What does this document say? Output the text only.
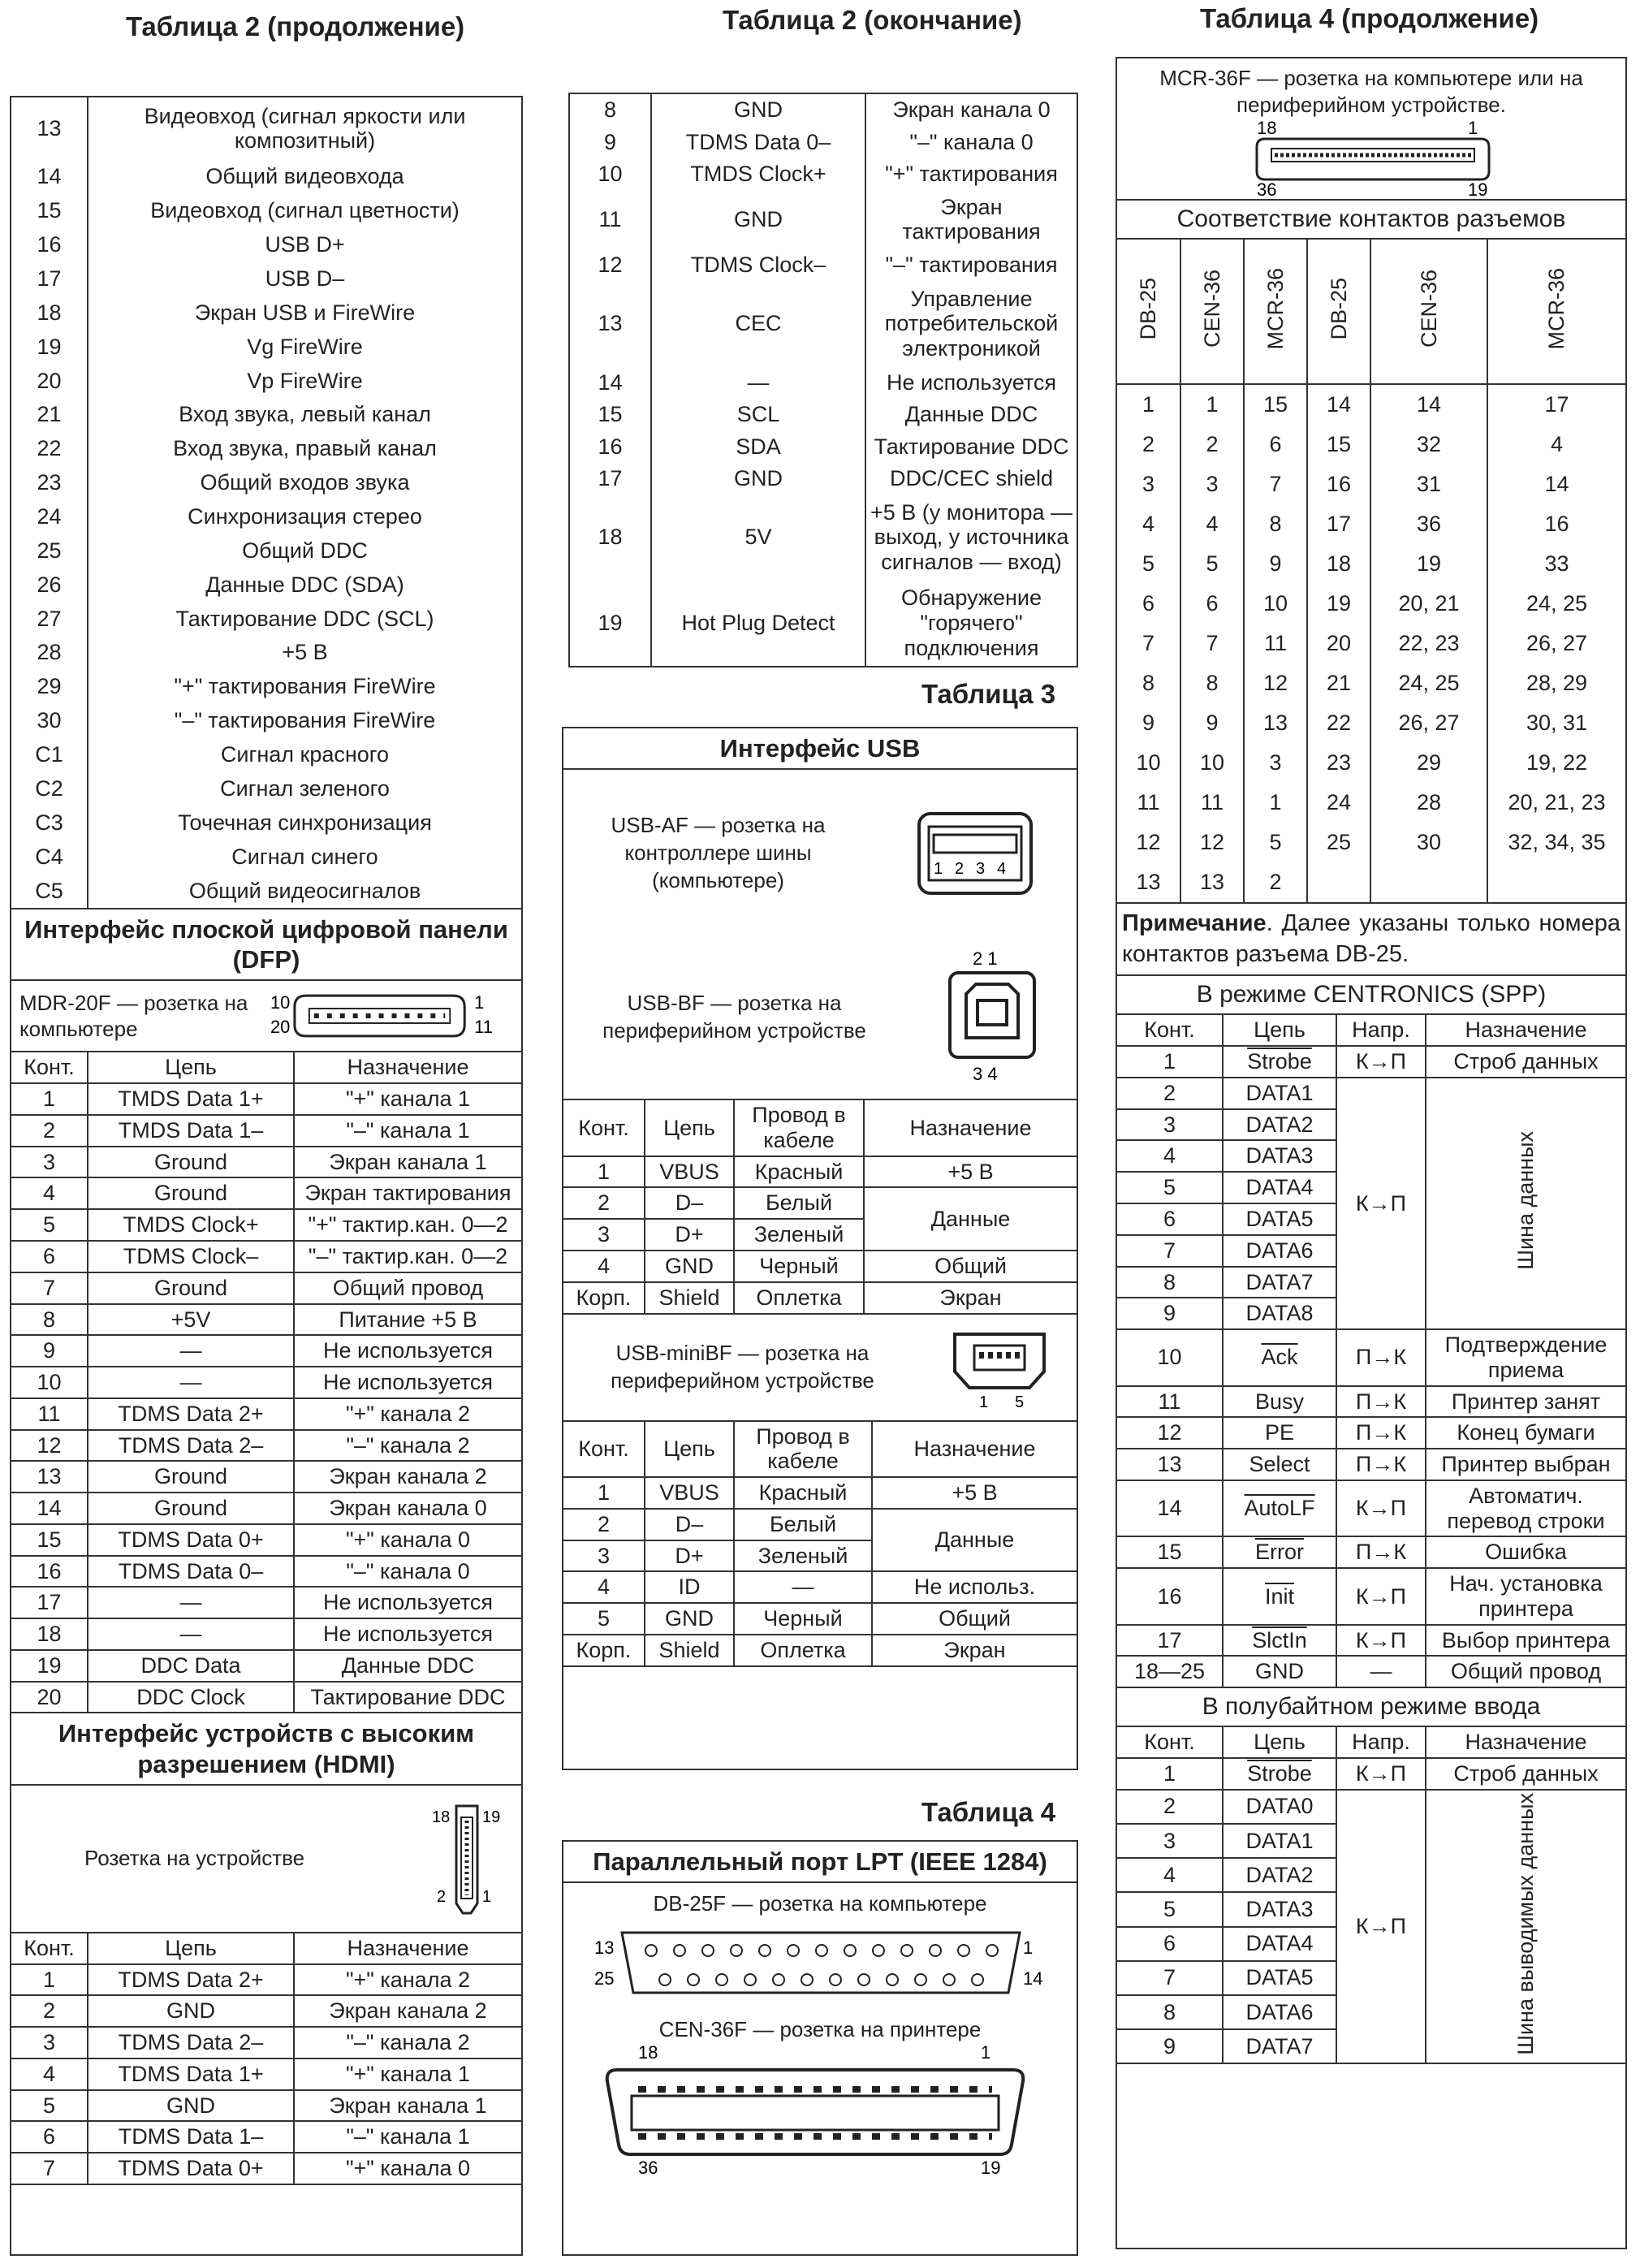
Таблица 2 (продолжение)	Таблица 2 (окончание)	Таблица 4 (продолжение)
Таблица 3
Таблица 4
13	Видеовход (сигнал яркости или композитный)
14	Общий видеовхода
15	Видеовход (сигнал цветности)
16	USB D+
17	USB D–
18	Экран USB и FireWire
19	Vg FireWire
20	Vp FireWire
21	Вход звука, левый канал
22	Вход звука, правый канал
23	Общий входов звука
24	Синхронизация стерео
25	Общий DDC
26	Данные DDC (SDA)
27	Тактирование DDC (SCL)
28	+5 В
29	"+" тактирования FireWire
30	"–" тактирования FireWire
C1	Сигнал красного
C2	Сигнал зеленого
C3	Точечная синхронизация
C4	Сигнал синего
C5	Общий видеосигналов
Интерфейс плоской цифровой панели (DFP)
MDR-20F — розетка на компьютере
10
20
1
11
Конт.	Цепь	Назначение
1	TMDS Data 1+	"+" канала 1
2	TMDS Data 1–	"–" канала 1
3	Ground	Экран канала 1
4	Ground	Экран тактирования
5	TMDS Clock+	"+" тактир.кан. 0—2
6	TDMS Clock–	"–" тактир.кан. 0—2
7	Ground	Общий провод
8	+5V	Питание +5 В
9	—	Не используется
10	—	Не используется
11	TDMS Data 2+	"+" канала 2
12	TDMS Data 2–	"–" канала 2
13	Ground	Экран канала 2
14	Ground	Экран канала 0
15	TDMS Data 0+	"+" канала 0
16	TDMS Data 0–	"–" канала 0
17	—	Не используется
18	—	Не используется
19	DDC Data	Данные DDC
20	DDC Clock	Тактирование DDC
Интерфейс устройств с высоким разрешением (HDMI)
Розетка на устройстве
18 19
2 1
Конт.	Цепь	Назначение
1	TDMS Data 2+	"+" канала 2
2	GND	Экран канала 2
3	TDMS Data 2–	"–" канала 2
4	TDMS Data 1+	"+" канала 1
5	GND	Экран канала 1
6	TDMS Data 1–	"–" канала 1
7	TDMS Data 0+	"+" канала 0
8	GND	Экран канала 0
9	TDMS Data 0–	"–" канала 0
10	TMDS Clock+	"+" тактирования
11	GND	Экран тактирования
12	TDMS Clock–	"–" тактирования
13	CEC	Управление потребительской электроникой
14	—	Не используется
15	SCL	Данные DDC
16	SDA	Тактирование DDC
17	GND	DDC/CEC shield
18	5V	+5 В (у монитора — выход, у источника сигналов — вход)
19	Hot Plug Detect	Обнаружение "горячего" подключения
Интерфейс USB
USB-AF — розетка на контроллере шины (компьютере)	1 2 3 4
USB-BF — розетка на периферийном устройстве
2 1
3 4
Конт.	Цепь	Провод в кабеле	Назначение
1	VBUS	Красный	+5 В
2	D–	Белый	Данные
3	D+	Зеленый	
4	GND	Черный	Общий
Корп.	Shield	Оплетка	Экран
USB-miniBF — розетка на периферийном устройстве
1 5
Конт.	Цепь	Провод в кабеле	Назначение
1	VBUS	Красный	+5 В
2	D–	Белый	Данные
3	D+	Зеленый	
4	ID	—	Не использ.
5	GND	Черный	Общий
Корп.	Shield	Оплетка	Экран
Параллельный порт LPT (IEEE 1284)
DB-25F — розетка на компьютере
13
25
1
14
CEN-36F — розетка на принтере
18	1
36	19
MCR-36F — розетка на компьютере или на периферийном устройстве.
18	1
36	19
Соответствие контактов разъемов
DB-25	CEN-36	MCR-36	DB-25	CEN-36	MCR-36
1	1	15	14	14	17
2	2	6	15	32	4
3	3	7	16	31	14
4	4	8	17	36	16
5	5	9	18	19	33
6	6	10	19	20, 21	24, 25
7	7	11	20	22, 23	26, 27
8	8	12	21	24, 25	28, 29
9	9	13	22	26, 27	30, 31
10	10	3	23	29	19, 22
11	11	1	24	28	20, 21, 23
12	12	5	25	30	32, 34, 35
13	13	2			
Примечание. Далее указаны только номера контактов разъема DB-25.
В режиме CENTRONICS (SPP)
Конт.	Цепь	Напр.	Назначение
1	Strobe	К→П	Строб данных
2	DATA1	К→П	Шина данных
3	DATA2		
4	DATA3		
5	DATA4		
6	DATA5		
7	DATA6		
8	DATA7		
9	DATA8		
10	$\overline{Ack}$	П→К	Подтверждение приема
11	Busy	П→К	Принтер занят
12	PE	П→К	Конец бумаги
13	Select	П→К	Принтер выбран
14	AutoLF	К→П	Автоматич. перевод строки
15	Error	П→К	Ошибка
16	Init	К→П	Нач. установка принтера
17	SlctIn	К→П	Выбор принтера
18—25	GND	—	Общий провод
В полубайтном режиме ввода
Конт.	Цепь	Напр.	Назначение
1	Strobe	К→П	Строб данных
2	DATA0	К→П	Шина выводимых данных
3	DATA1		
4	DATA2		
5	DATA3		
6	DATA4		
7	DATA5		
8	DATA6		
9	DATA7		
